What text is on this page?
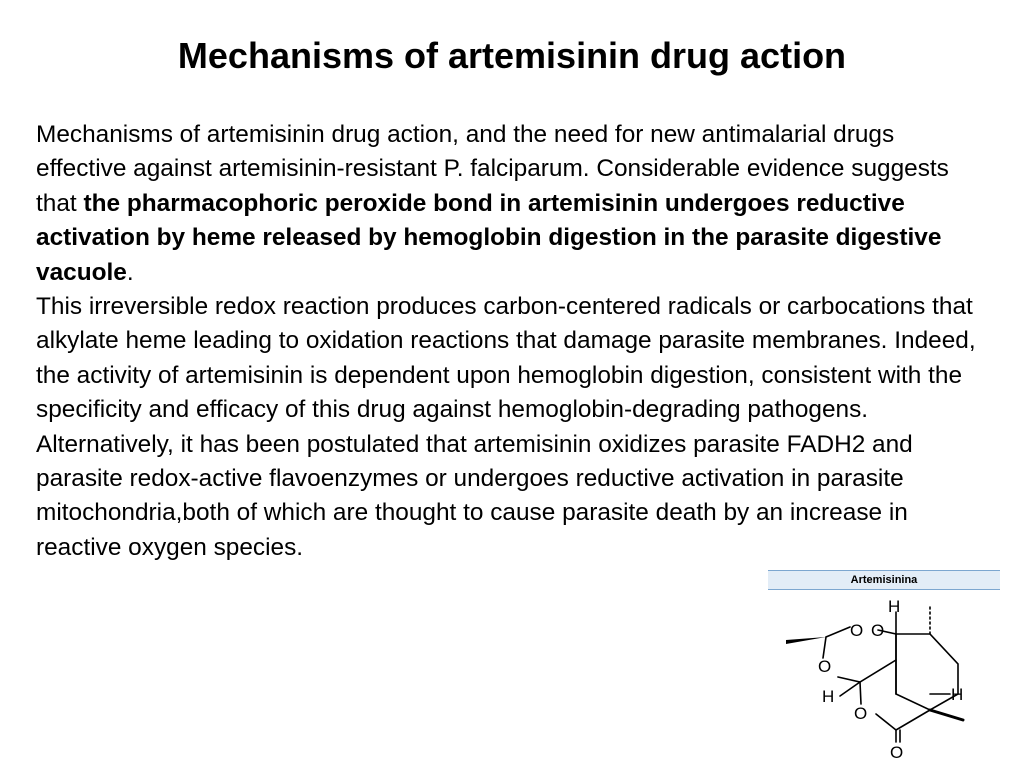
Mechanisms of artemisinin drug action

Mechanisms of artemisinin drug action, and the need for new antimalarial drugs effective against artemisinin-resistant P. falciparum. Considerable evidence suggests that the pharmacophoric peroxide bond in artemisinin undergoes reductive activation by heme released by hemoglobin digestion in the parasite digestive vacuole.

This irreversible redox reaction produces carbon-centered radicals or carbocations that alkylate heme leading to oxidation reactions that damage parasite membranes. Indeed, the activity of artemisinin is dependent upon hemoglobin digestion, consistent with the specificity and efficacy of this drug against hemoglobin-degrading pathogens.

Alternatively, it has been postulated that artemisinin oxidizes parasite FADH2 and parasite redox-active flavoenzymes or undergoes reductive activation in parasite mitochondria,both of which are thought to cause parasite death by an increase in reactive oxygen species.

Artemisinina
H
O O
O
O
O
H	H
